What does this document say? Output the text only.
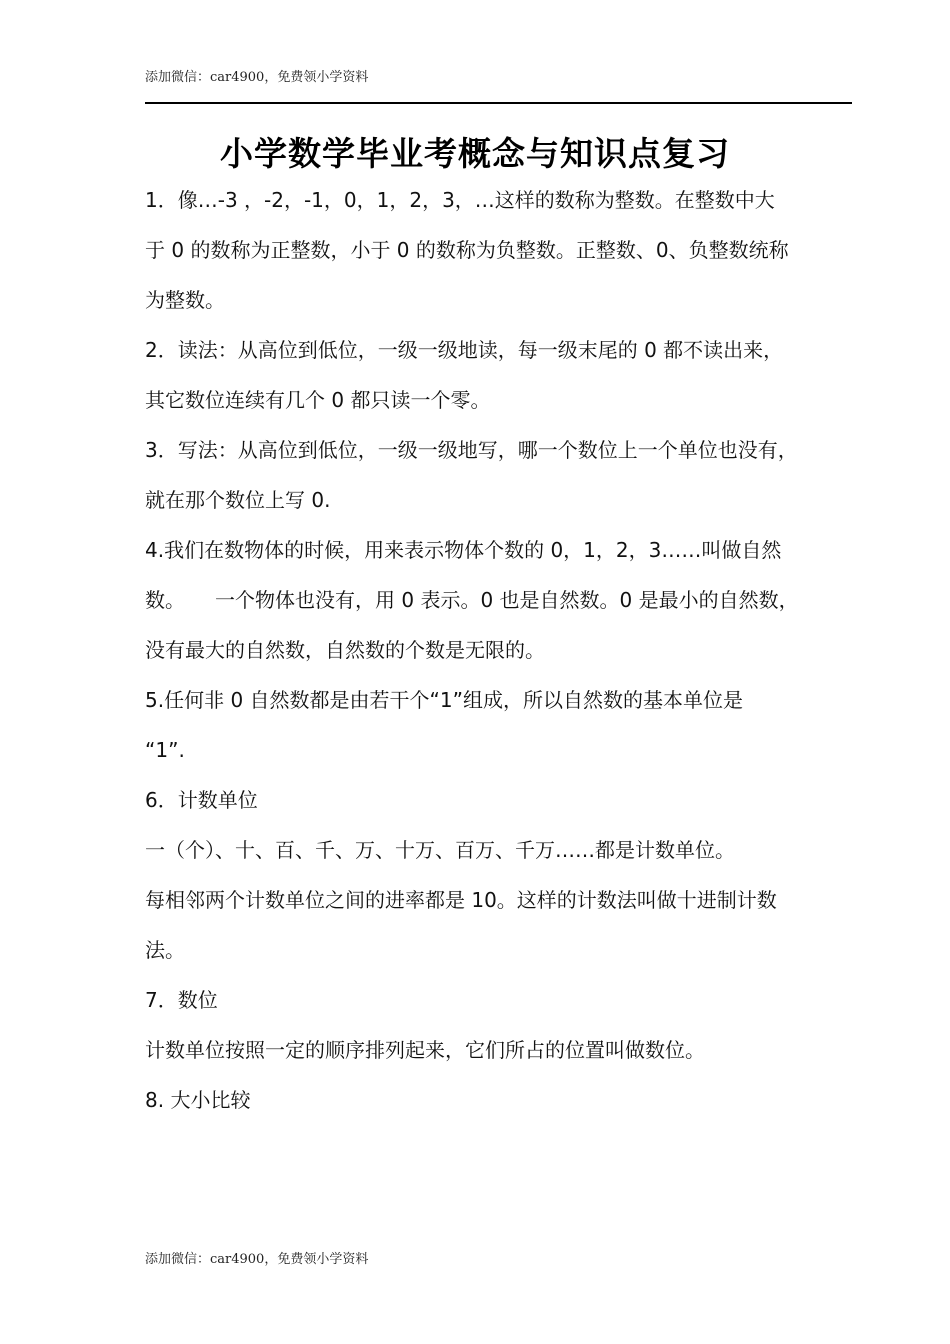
添加微信：car4900，免费领小学资料
小学数学毕业考概念与知识点复习
1．像…-3 ，-2，-1，0，1，2，3，…这样的数称为整数。在整数中大
于 0 的数称为正整数，小于 0 的数称为负整数。正整数、0、负整数统称
为整数。
2．读法：从高位到低位，一级一级地读，每一级末尾的 0 都不读出来，
其它数位连续有几个 0 都只读一个零。
3．写法：从高位到低位，一级一级地写，哪一个数位上一个单位也没有，
就在那个数位上写 0.
4.我们在数物体的时候，用来表示物体个数的 0，1，2，3……叫做自然
数。　　一个物体也没有，用 0 表示。0 也是自然数。0 是最小的自然数，
没有最大的自然数，自然数的个数是无限的。
5.任何非 0 自然数都是由若干个“1”组成，所以自然数的基本单位是
“1”.
6．计数单位
一（个）、十、百、千、万、十万、百万、千万……都是计数单位。
每相邻两个计数单位之间的进率都是 10。这样的计数法叫做十进制计数
法。
7．数位
计数单位按照一定的顺序排列起来，它们所占的位置叫做数位。
8. 大小比较
添加微信：car4900，免费领小学资料
